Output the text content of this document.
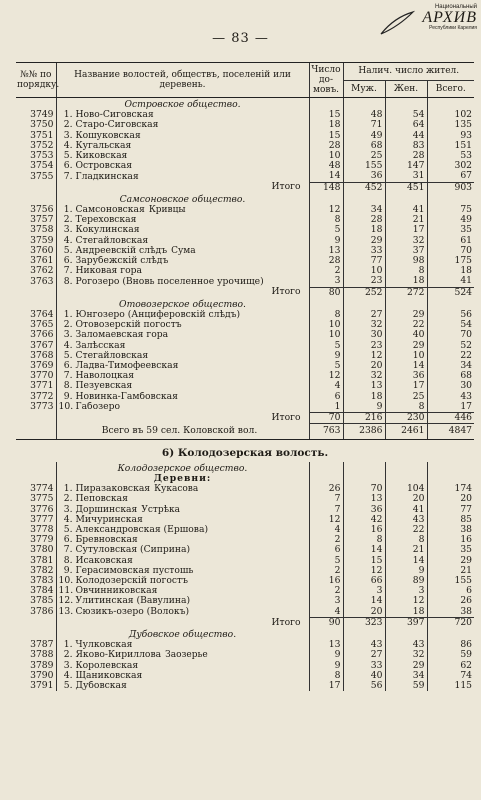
— 83 —
Национальный
АРХИВ
Республики Карелия
№№ по порядку.	Название волостей, обществъ, поселеній или деревень.	Число до-мовъ.	Налич. число жител.		
			Муж.	Жен.	Всего.
	Островское общество.				
3749	1. Ново-Сиговская	15	48	54	102
3750	2. Старо-Сиговская	18	71	64	135
3751	3. Кошуковская	15	49	44	93
3752	4. Кугальская	28	68	83	151
3753	5. Киковская	10	25	28	53
3754	6. Островская	48	155	147	302
3755	7. Гладкинская	14	36	31	67
	Итого	148	452	451	903
	Самсоновское общество.				
3756	1. Самсоновская Кривцы	12	34	41	75
3757	2. Тереховская	8	28	21	49
3758	3. Кокулинская	5	18	17	35
3759	4. Стегайловская	9	29	32	61
3760	5. Андреевскій слѣдъ Сума	13	33	37	70
3761	6. Зарубежскій слѣдъ	28	77	98	175
3762	7. Никовая гора	2	10	8	18
3763	8. Рогозеро (Вновь поселенное урочище)	3	23	18	41
	Итого	80	252	272	524
	Отовозерское общество.				
3764	1. Юнгозеро (Анциферовскій слѣдъ)	8	27	29	56
3765	2. Отовозерскій погостъ	10	32	22	54
3766	3. Заломаевская гора	10	30	40	70
3767	4. Залѣсская	5	23	29	52
3768	5. Стегайловская	9	12	10	22
3769	6. Ладва-Тимофеевская	5	20	14	34
3770	7. Наволоцкая	12	32	36	68
3771	8. Пезуевская	4	13	17	30
3772	9. Новинка-Гамбовская	6	18	25	43
3773	10. Габозеро	1	9	8	17
	Итого	70	216	230	446
	Всего въ 59 сел. Коловской вол.	763	2386	2461	4847
6) Колодозерская волость.					
	Колодозерское общество.				
	Деревни:				
3774	1. Пиразаковская Кукасова	26	70	104	174
3775	2. Пеповская	7	13	20	20
3776	3. Доршинская Устрѣка	7	36	41	77
3777	4. Мичуринская	12	42	43	85
3778	5. Александровская (Ершова)	4	16	22	38
3779	6. Бревновская	2	8	8	16
3780	7. Сутуловская (Сиприна)	6	14	21	35
3781	8. Исаковская	5	15	14	29
3782	9. Герасимовская пустошь	2	12	9	21
3783	10. Колодозерскій погостъ	16	66	89	155
3784	11. Овчинниковская	2	3	3	6
3785	12. Улитинская (Вавулина)	3	14	12	26
3786	13. Сюзикъ-озеро (Волокъ)	4	20	18	38
	Итого	90	323	397	720
	Дубовское общество.				
3787	1. Чулковская	13	43	43	86
3788	2. Яково-Кириллова Заозерье	9	27	32	59
3789	3. Королевская	9	33	29	62
3790	4. Щаниковская	8	40	34	74
3791	5. Дубовская	17	56	59	115
